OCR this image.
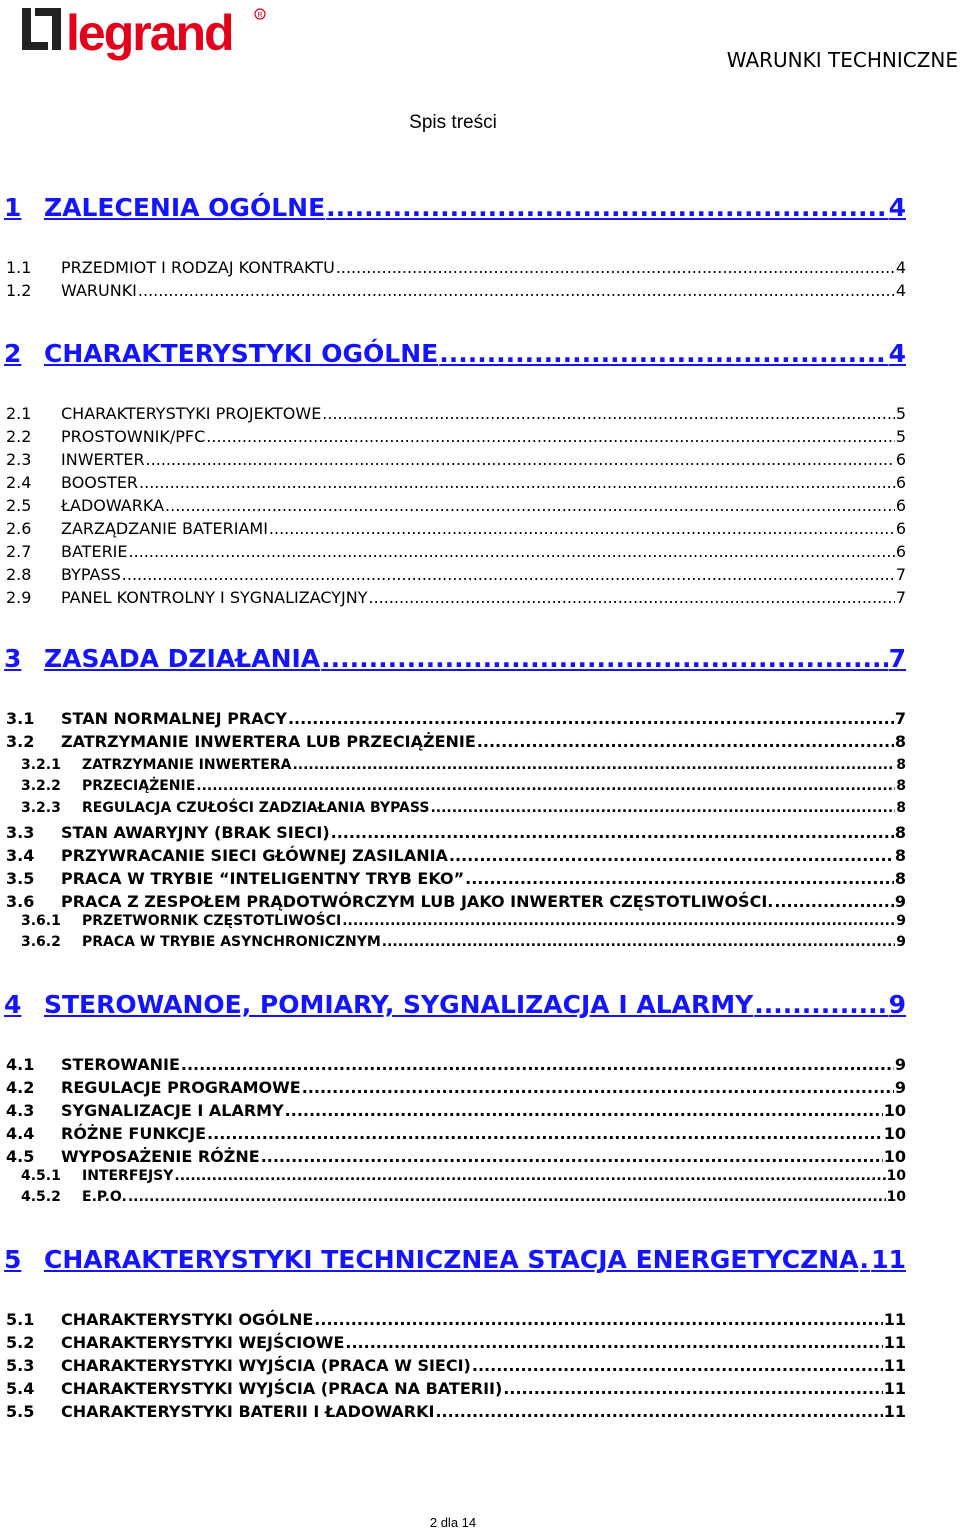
legrand	R
WARUNKI TECHNICZNE
Spis treści
1 ZALECENIA OGÓLNE .....	4
1.1	PRZEDMIOT I RODZAJ KONTRAKTU .....	4
1.2	WARUNKI .....	4
2 CHARAKTERYSTYKI OGÓLNE .....	4
2.1	CHARAKTERYSTYKI PROJEKTOWE .....	5
2.2	PROSTOWNIK/PFC .....	5
2.3	INWERTER .....	6
2.4	BOOSTER .....	6
2.5	ŁADOWARKA .....	6
2.6	ZARZĄDZANIE BATERIAMI .....	6
2.7	BATERIE .....	6
2.8	BYPASS .....	7
2.9	PANEL KONTROLNY I SYGNALIZACYJNY .....	7
3 ZASADA DZIAŁANIA .....	7
3.1	STAN NORMALNEJ PRACY .....	7
3.2	ZATRZYMANIE INWERTERA LUB PRZECIĄŻENIE .....	8
3.2.1	ZATRZYMANIE INWERTERA .....	8
3.2.2	PRZECIĄŻENIE .....	8
3.2.3	REGULACJA CZUŁOŚCI ZADZIAŁANIA BYPASS .....	8
3.3	STAN AWARYJNY (BRAK SIECI) .....	8
3.4	PRZYWRACANIE SIECI GŁÓWNEJ ZASILANIA .....	8
3.5	PRACA W TRYBIE “INTELIGENTNY TRYB EKO” .....	8
3.6	PRACA Z ZESPOŁEM PRĄDOTWÓRCZYM LUB JAKO INWERTER CZĘSTOTLIWOŚCI. .....	9
3.6.1	PRZETWORNIK CZĘSTOTLIWOŚCI .....	9
3.6.2	PRACA W TRYBIE ASYNCHRONICZNYM .....	9
4 STEROWANOE, POMIARY, SYGNALIZACJA I ALARMY .....	9
4.1	STEROWANIE .....	9
4.2	REGULACJE PROGRAMOWE .....	9
4.3	SYGNALIZACJE I ALARMY .....	10
4.4	RÓŻNE FUNKCJE .....	10
4.5	WYPOSAŻENIE RÓŻNE .....	10
4.5.1	INTERFEJSY .....	10
4.5.2	E.P.O. .....	10
5 CHARAKTERYSTYKI TECHNICZNEA STACJA ENERGETYCZNA ..... 11
5.1	CHARAKTERYSTYKI OGÓLNE .....	11
5.2	CHARAKTERYSTYKI WEJŚCIOWE .....	11
5.3	CHARAKTERYSTYKI WYJŚCIA (PRACA W SIECI) .....	11
5.4	CHARAKTERYSTYKI WYJŚCIA (PRACA NA BATERII) .....	11
5.5	CHARAKTERYSTYKI BATERII I ŁADOWARKI .....	11
2 dla 14
